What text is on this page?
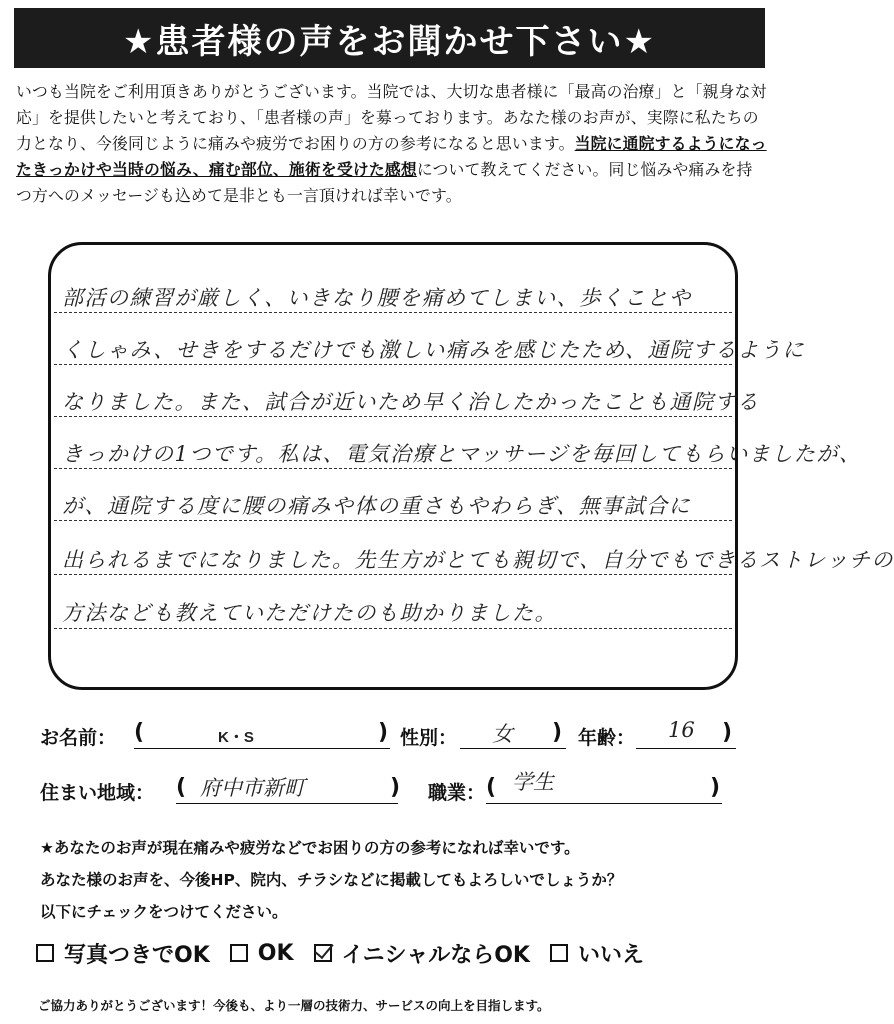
★患者様の声をお聞かせ下さい★
いつも当院をご利用頂きありがとうございます。当院では、大切な患者様に「最高の治療」と「親身な対応」を提供したいと考えており、「患者様の声」を募っております。あなた様のお声が、実際に私たちの力となり、今後同じように痛みや疲労でお困りの方の参考になると思います。当院に通院するようになったきっかけや当時の悩み、痛む部位、施術を受けた感想について教えてください。同じ悩みや痛みを持つ方へのメッセージも込めて是非とも一言頂ければ幸いです。
部活の練習が厳しく、いきなり腰を痛めてしまい、歩くことや
くしゃみ、せきをするだけでも激しい痛みを感じたため、通院するように
なりました。また、試合が近いため早く治したかったことも通院する
きっかけの1つです。私は、電気治療とマッサージを毎回してもらいましたが、
が、通院する度に腰の痛みや体の重さもやわらぎ、無事試合に
出られるまでになりました。先生方がとても親切で、自分でもできるストレッチの
方法なども教えていただけたのも助かりました。
お名前： (	K・S	) 性別： 女 ) 年齢： 16 )
住まい地域： ( 府中市新町	) 職業： ( 学生	)
★あなたのお声が現在痛みや疲労などでお困りの方の参考になれば幸いです。
あなた様のお声を、今後HP、院内、チラシなどに掲載してもよろしいでしょうか？
以下にチェックをつけてください。
写真つきでOK OK イニシャルならOK いいえ
ご協力ありがとうございます！今後も、より一層の技術力、サービスの向上を目指します。
